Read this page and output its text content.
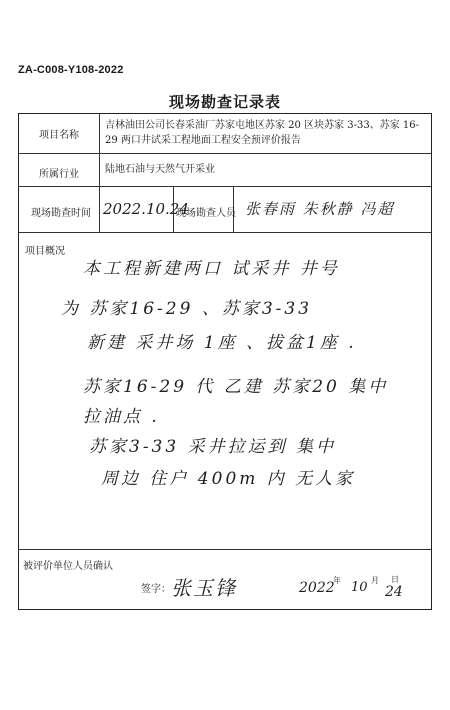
ZA-C008-Y108-2022
现场勘查记录表
项目名称
吉林油田公司长春采油厂苏家屯地区苏家 20 区块苏家 3-33、苏家 16-29 两口井试采工程地面工程安全预评价报告
所属行业	陆地石油与天然气开采业
现场勘查时间 2022.10.24
现场勘查人员 张春雨 朱秋静 冯超
项目概况
本工程新建两口 试采井 井号
为 苏家16-29 、苏家3-33
新建 采井场 1座 、拔盆1座 .
苏家16-29 代 乙建 苏家20 集中
拉油点 .
苏家3-33 采井拉运到 集中
周边 住户 400m 内 无人家
被评价单位人员确认
签字： 张玉锋	2022
年 10 月
24
日
